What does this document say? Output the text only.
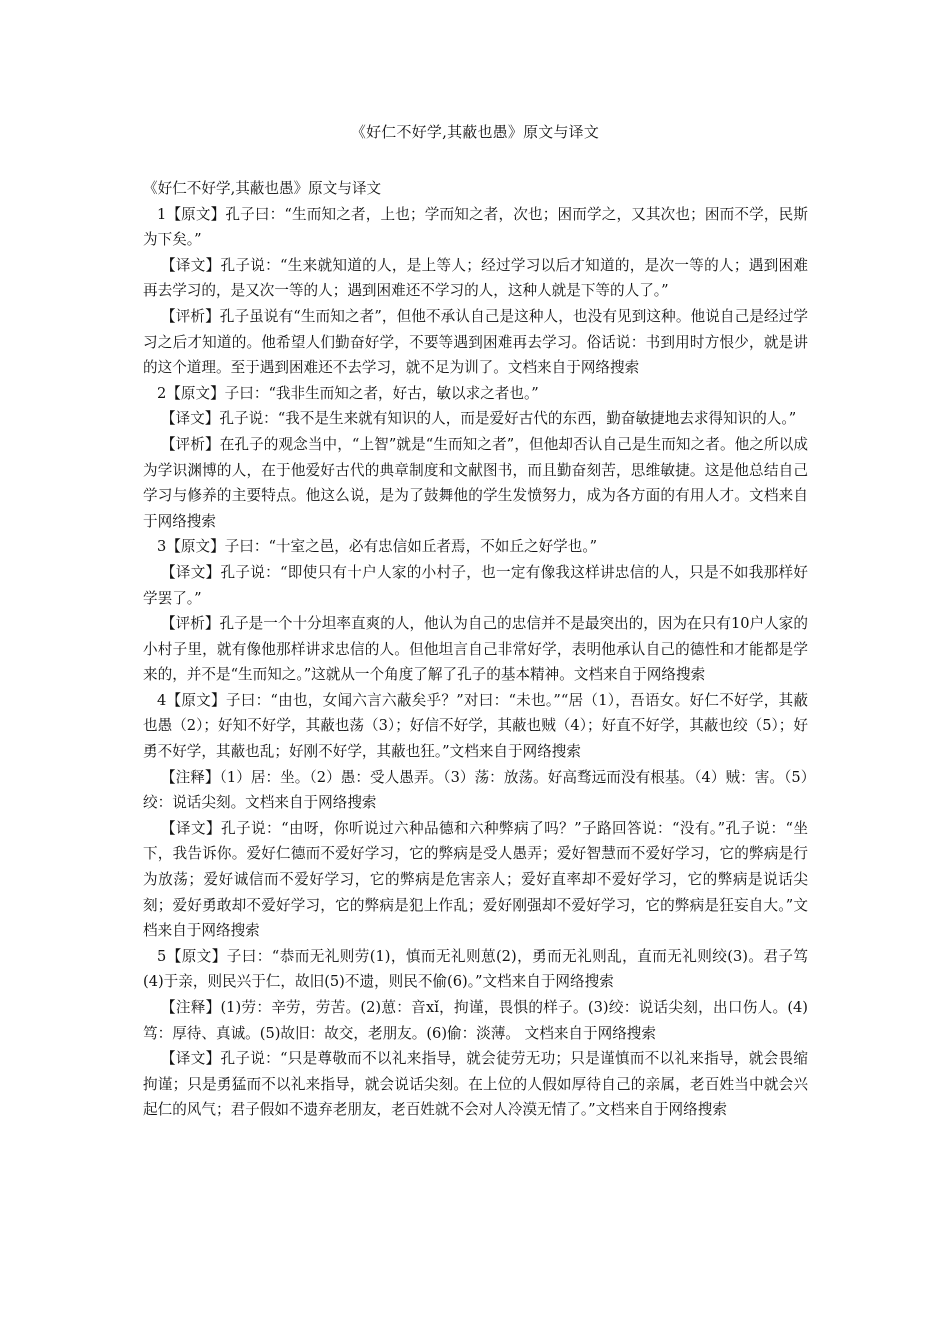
《好仁不好学,其蔽也愚》原文与译文

《好仁不好学,其蔽也愚》原文与译文

1【原文】孔子曰：“生而知之者，上也；学而知之者，次也；困而学之，又其次也；困而不学，民斯为下矣。”

【译文】孔子说：“生来就知道的人，是上等人；经过学习以后才知道的，是次一等的人；遇到困难再去学习的，是又次一等的人；遇到困难还不学习的人，这种人就是下等的人了。”

【评析】孔子虽说有“生而知之者”，但他不承认自己是这种人，也没有见到这种。他说自己是经过学习之后才知道的。他希望人们勤奋好学，不要等遇到困难再去学习。俗话说：书到用时方恨少，就是讲的这个道理。至于遇到困难还不去学习，就不足为训了。文档来自于网络搜索

2【原文】子曰：“我非生而知之者，好古，敏以求之者也。”

【译文】孔子说：“我不是生来就有知识的人，而是爱好古代的东西，勤奋敏捷地去求得知识的人。”

【评析】在孔子的观念当中，“上智”就是“生而知之者”，但他却否认自己是生而知之者。他之所以成为学识渊博的人，在于他爱好古代的典章制度和文献图书，而且勤奋刻苦，思维敏捷。这是他总结自己学习与修养的主要特点。他这么说，是为了鼓舞他的学生发愤努力，成为各方面的有用人才。文档来自于网络搜索

3【原文】子曰：“十室之邑，必有忠信如丘者焉，不如丘之好学也。”

【译文】孔子说：“即使只有十户人家的小村子，也一定有像我这样讲忠信的人，只是不如我那样好学罢了。”

【评析】孔子是一个十分坦率直爽的人，他认为自己的忠信并不是最突出的，因为在只有10户人家的小村子里，就有像他那样讲求忠信的人。但他坦言自己非常好学，表明他承认自己的德性和才能都是学来的，并不是“生而知之。”这就从一个角度了解了孔子的基本精神。文档来自于网络搜索

4【原文】子曰：“由也，女闻六言六蔽矣乎？”对曰：“未也。”“居（1），吾语女。好仁不好学，其蔽也愚（2）；好知不好学，其蔽也荡（3）；好信不好学，其蔽也贼（4）；好直不好学，其蔽也绞（5）；好勇不好学，其蔽也乱；好刚不好学，其蔽也狂。”文档来自于网络搜索

【注释】（1）居：坐。（2）愚：受人愚弄。（3）荡：放荡。好高骛远而没有根基。（4）贼：害。（5）绞：说话尖刻。文档来自于网络搜索

【译文】孔子说：“由呀，你听说过六种品德和六种弊病了吗？”子路回答说：“没有。”孔子说：“坐下，我告诉你。爱好仁德而不爱好学习，它的弊病是受人愚弄；爱好智慧而不爱好学习，它的弊病是行为放荡；爱好诚信而不爱好学习，它的弊病是危害亲人；爱好直率却不爱好学习，它的弊病是说话尖刻；爱好勇敢却不爱好学习，它的弊病是犯上作乱；爱好刚强却不爱好学习，它的弊病是狂妄自大。”文档来自于网络搜索

5【原文】子曰：“恭而无礼则劳(1)，慎而无礼则葸(2)，勇而无礼则乱，直而无礼则绞(3)。君子笃(4)于亲，则民兴于仁，故旧(5)不遗，则民不偷(6)。”文档来自于网络搜索

【注释】(1)劳：辛劳，劳苦。(2)葸：音xǐ，拘谨，畏惧的样子。(3)绞：说话尖刻，出口伤人。(4)笃：厚待、真诚。(5)故旧：故交，老朋友。(6)偷：淡薄。 文档来自于网络搜索

【译文】孔子说：“只是尊敬而不以礼来指导，就会徒劳无功；只是谨慎而不以礼来指导，就会畏缩拘谨；只是勇猛而不以礼来指导，就会说话尖刻。在上位的人假如厚待自己的亲属，老百姓当中就会兴起仁的风气；君子假如不遗弃老朋友，老百姓就不会对人冷漠无情了。”文档来自于网络搜索
